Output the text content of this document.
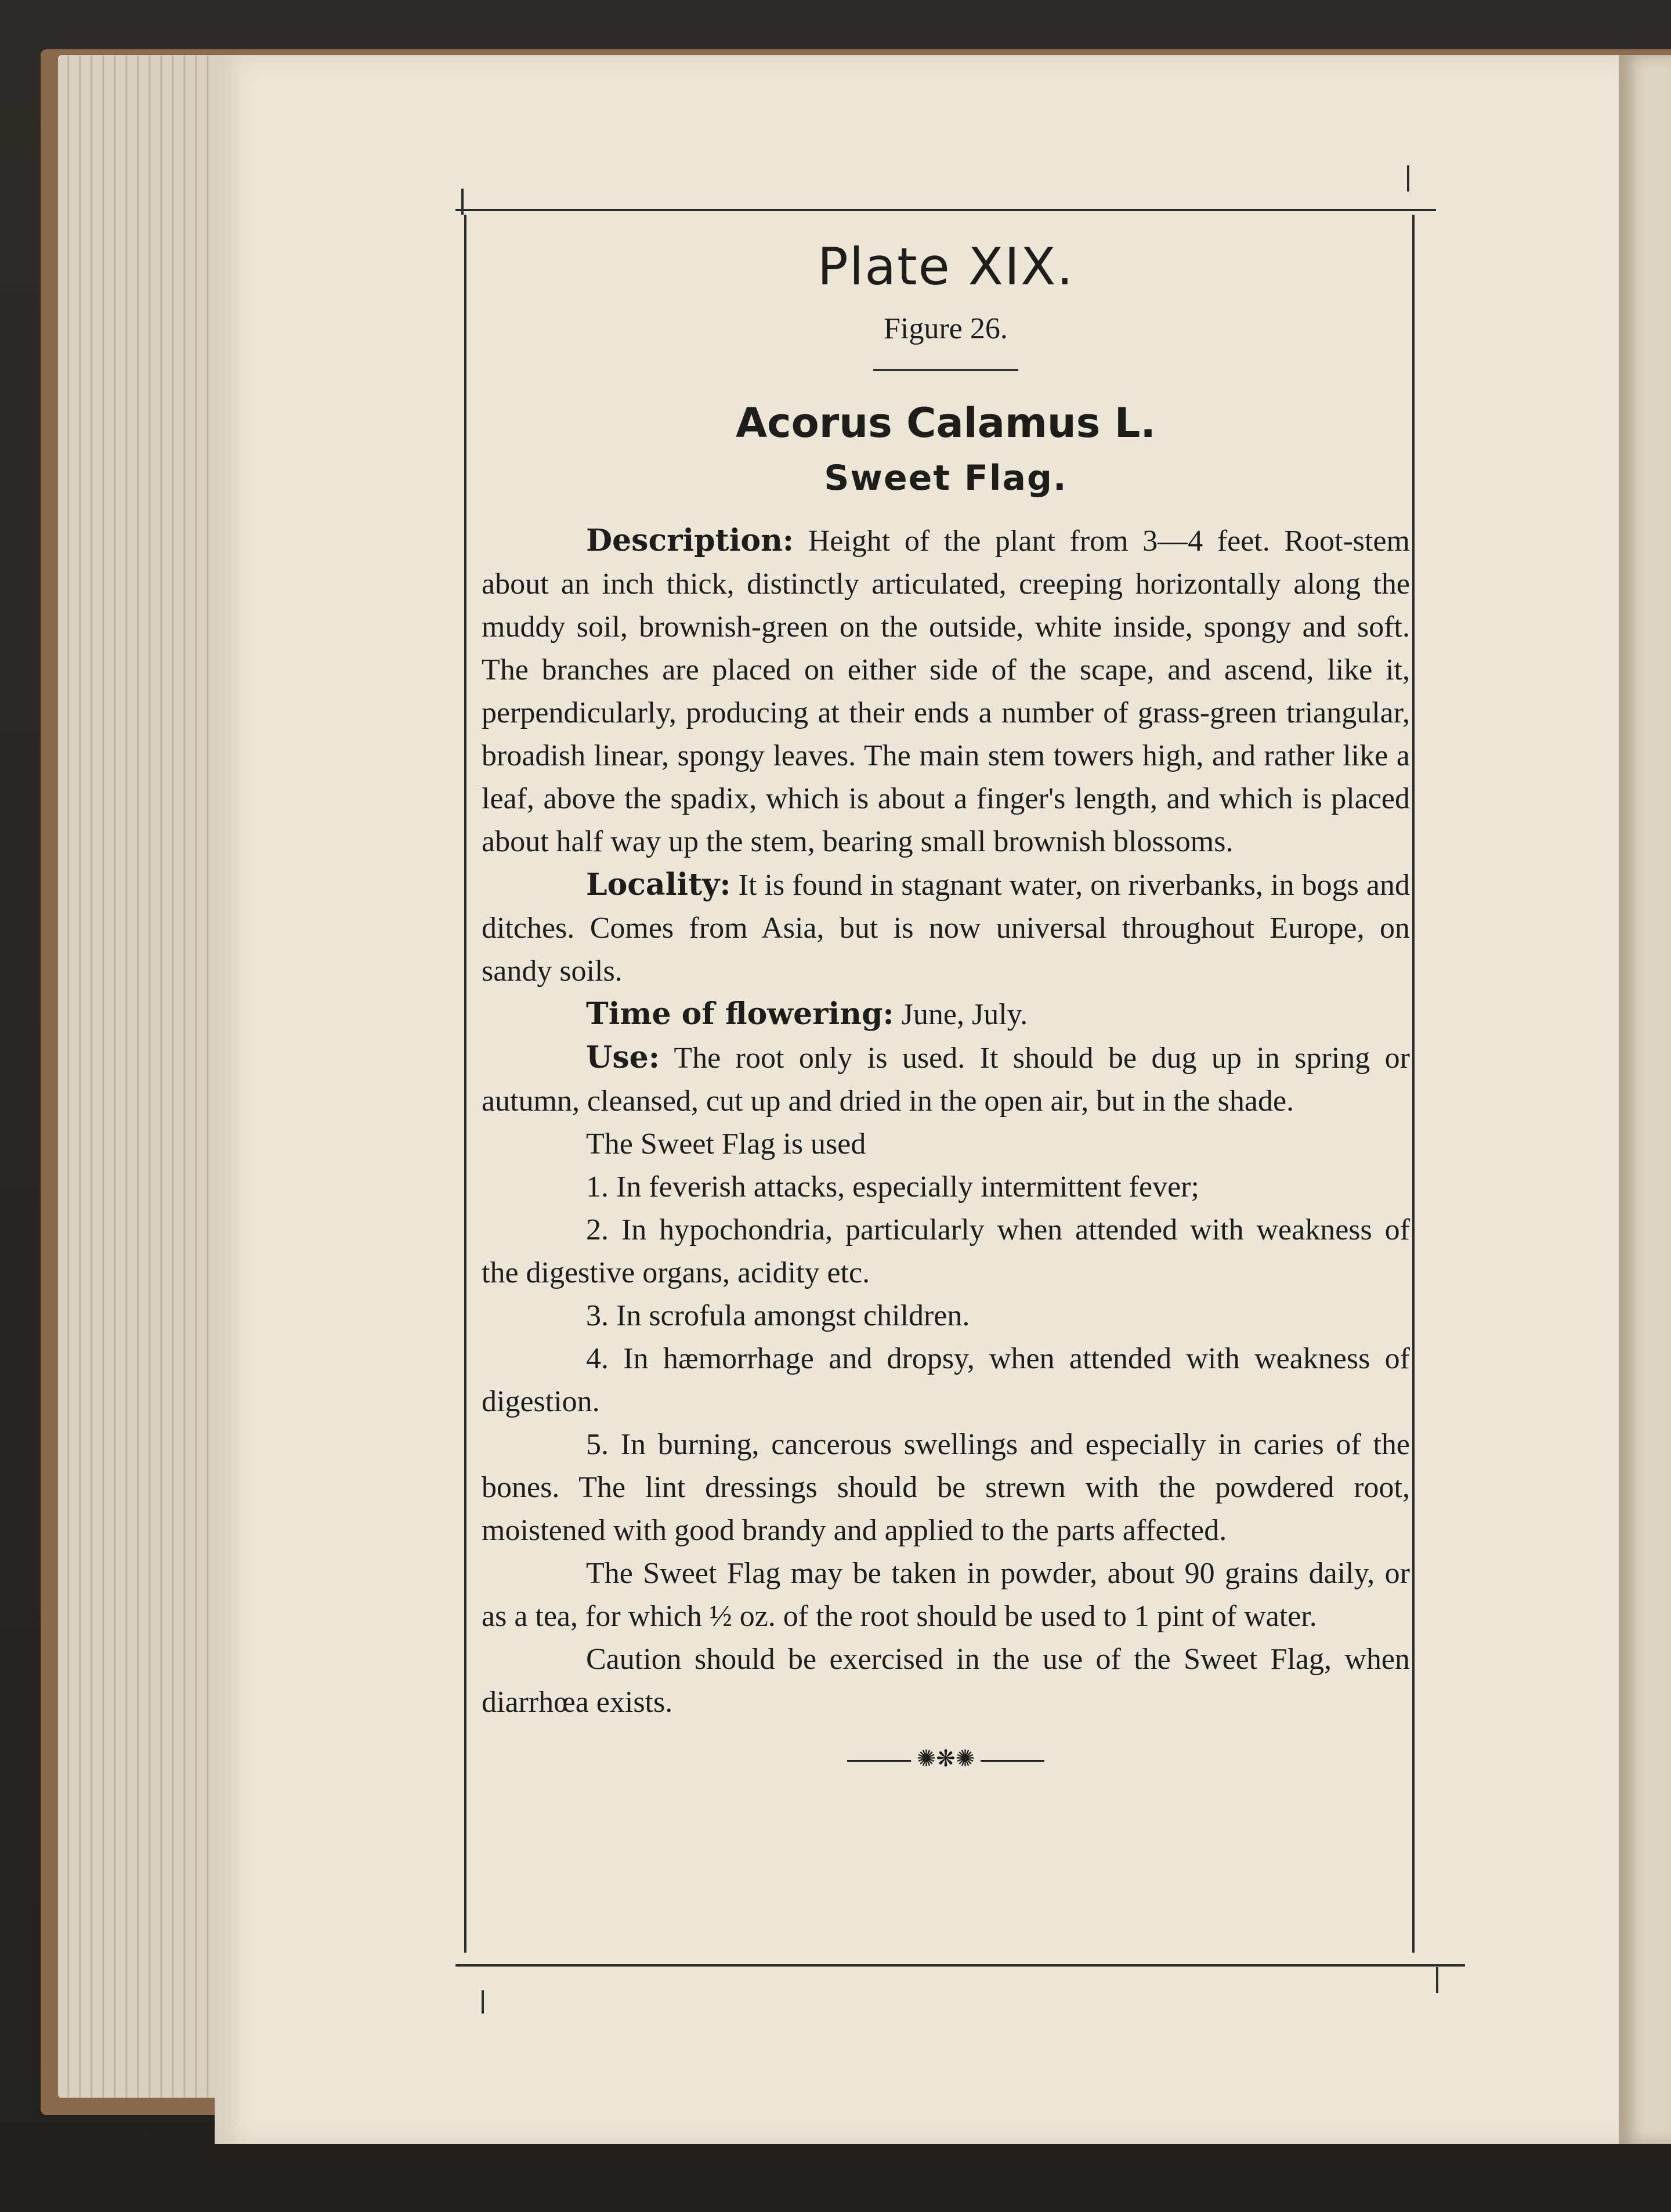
Plate XIX.

Figure 26.

Acorus Calamus L.

Sweet Flag.

Description: Height of the plant from 3—4 feet. Root-stem about an inch thick, distinctly articulated, creeping horizontally along the muddy soil, brownish-green on the outside, white inside, spongy and soft. The branches are placed on either side of the scape, and ascend, like it, perpendicularly, producing at their ends a number of grass-green triangular, broadish linear, spongy leaves. The main stem towers high, and rather like a leaf, above the spadix, which is about a finger's length, and which is placed about half way up the stem, bearing small brownish blossoms.

Locality: It is found in stagnant water, on riverbanks, in bogs and ditches. Comes from Asia, but is now universal throughout Europe, on sandy soils.

Time of flowering: June, July.

Use: The root only is used. It should be dug up in spring or autumn, cleansed, cut up and dried in the open air, but in the shade.

The Sweet Flag is used

1. In feverish attacks, especially intermittent fever;

2. In hypochondria, particularly when attended with weakness of the digestive organs, acidity etc.

3. In scrofula amongst children.

4. In hæmorrhage and dropsy, when attended with weakness of digestion.

5. In burning, cancerous swellings and especially in caries of the bones. The lint dressings should be strewn with the powdered root, moistened with good brandy and applied to the parts affected.

The Sweet Flag may be taken in powder, about 90 grains daily, or as a tea, for which ½ oz. of the root should be used to 1 pint of water.

Caution should be exercised in the use of the Sweet Flag, when diarrhœa exists.

✺❋✺
